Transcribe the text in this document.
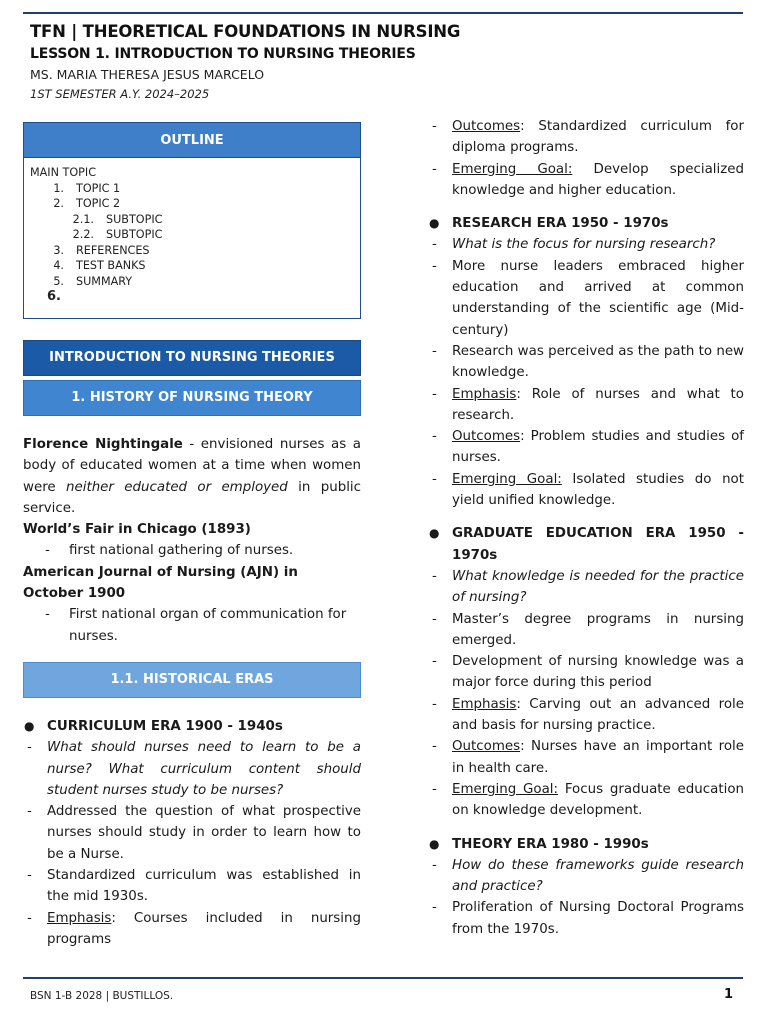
TFN | THEORETICAL FOUNDATIONS IN NURSING
LESSON 1. INTRODUCTION TO NURSING THEORIES
MS. MARIA THERESA JESUS MARCELO
1ST SEMESTER A.Y. 2024–2025
OUTLINE
MAIN TOPIC
1.	TOPIC 1
2.	TOPIC 2
2.1.	SUBTOPIC
2.2.	SUBTOPIC
3.	REFERENCES
4.	TEST BANKS
5.	SUMMARY
6.
INTRODUCTION TO NURSING THEORIES
1. HISTORY OF NURSING THEORY
Florence Nightingale - envisioned nurses as a body of educated women at a time when women were neither educated or employed in public service.
World’s Fair in Chicago (1893)
-	first national gathering of nurses.
American Journal of Nursing (AJN) in October 1900
-	First national organ of communication for nurses.
1.1. HISTORICAL ERAS
● CURRICULUM ERA 1900 - 1940s
-	What should nurses need to learn to be a nurse? What curriculum content should student nurses study to be nurses?
-	Addressed the question of what prospective nurses should study in order to learn how to be a Nurse.
-	Standardized curriculum was established in the mid 1930s.
-	Emphasis: Courses included in nursing programs
-	Outcomes: Standardized curriculum for diploma programs.
-	Emerging Goal: Develop specialized knowledge and higher education.
● RESEARCH ERA 1950 - 1970s
-	What is the focus for nursing research?
-	More nurse leaders embraced higher education and arrived at common understanding of the scientific age (Mid-century)
-	Research was perceived as the path to new knowledge.
-	Emphasis: Role of nurses and what to research.
-	Outcomes: Problem studies and studies of nurses.
-	Emerging Goal: Isolated studies do not yield unified knowledge.
● GRADUATE EDUCATION ERA 1950 - 1970s
-	What knowledge is needed for the practice of nursing?
-	Master’s degree programs in nursing emerged.
-	Development of nursing knowledge was a major force during this period
-	Emphasis: Carving out an advanced role and basis for nursing practice.
-	Outcomes: Nurses have an important role in health care.
-	Emerging Goal: Focus graduate education on knowledge development.
● THEORY ERA 1980 - 1990s
-	How do these frameworks guide research and practice?
-	Proliferation of Nursing Doctoral Programs from the 1970s.
BSN 1-B 2028 | BUSTILLOS.	1
